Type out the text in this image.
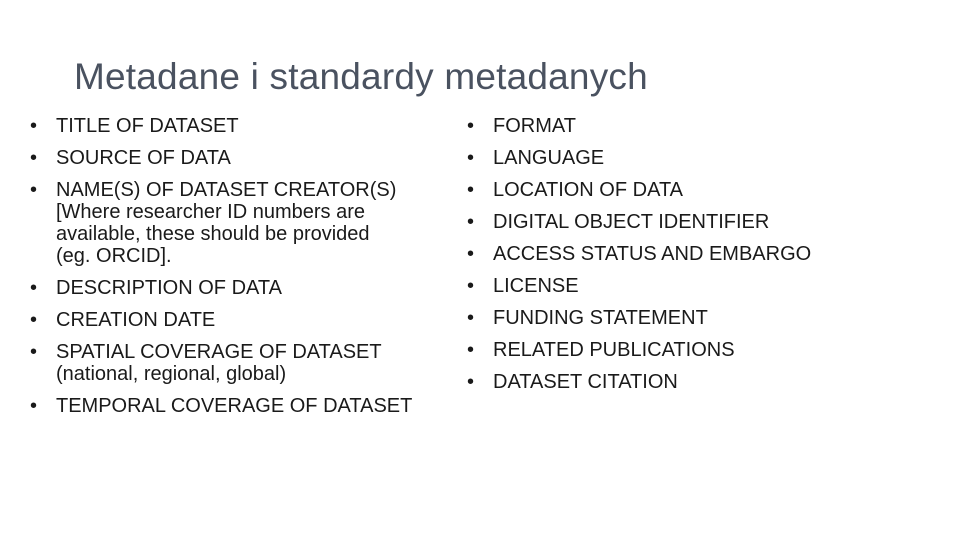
Metadane i standardy metadanych
• TITLE OF DATASET
• SOURCE OF DATA
• NAME(S) OF DATASET CREATOR(S)
[Where researcher ID numbers are
available, these should be provided
(eg. ORCID].
• DESCRIPTION OF DATA
• CREATION DATE
• SPATIAL COVERAGE OF DATASET
(national, regional, global)
• TEMPORAL COVERAGE OF DATASET
• FORMAT
• LANGUAGE
• LOCATION OF DATA
• DIGITAL OBJECT IDENTIFIER
• ACCESS STATUS AND EMBARGO
• LICENSE
• FUNDING STATEMENT
• RELATED PUBLICATIONS
• DATASET CITATION
